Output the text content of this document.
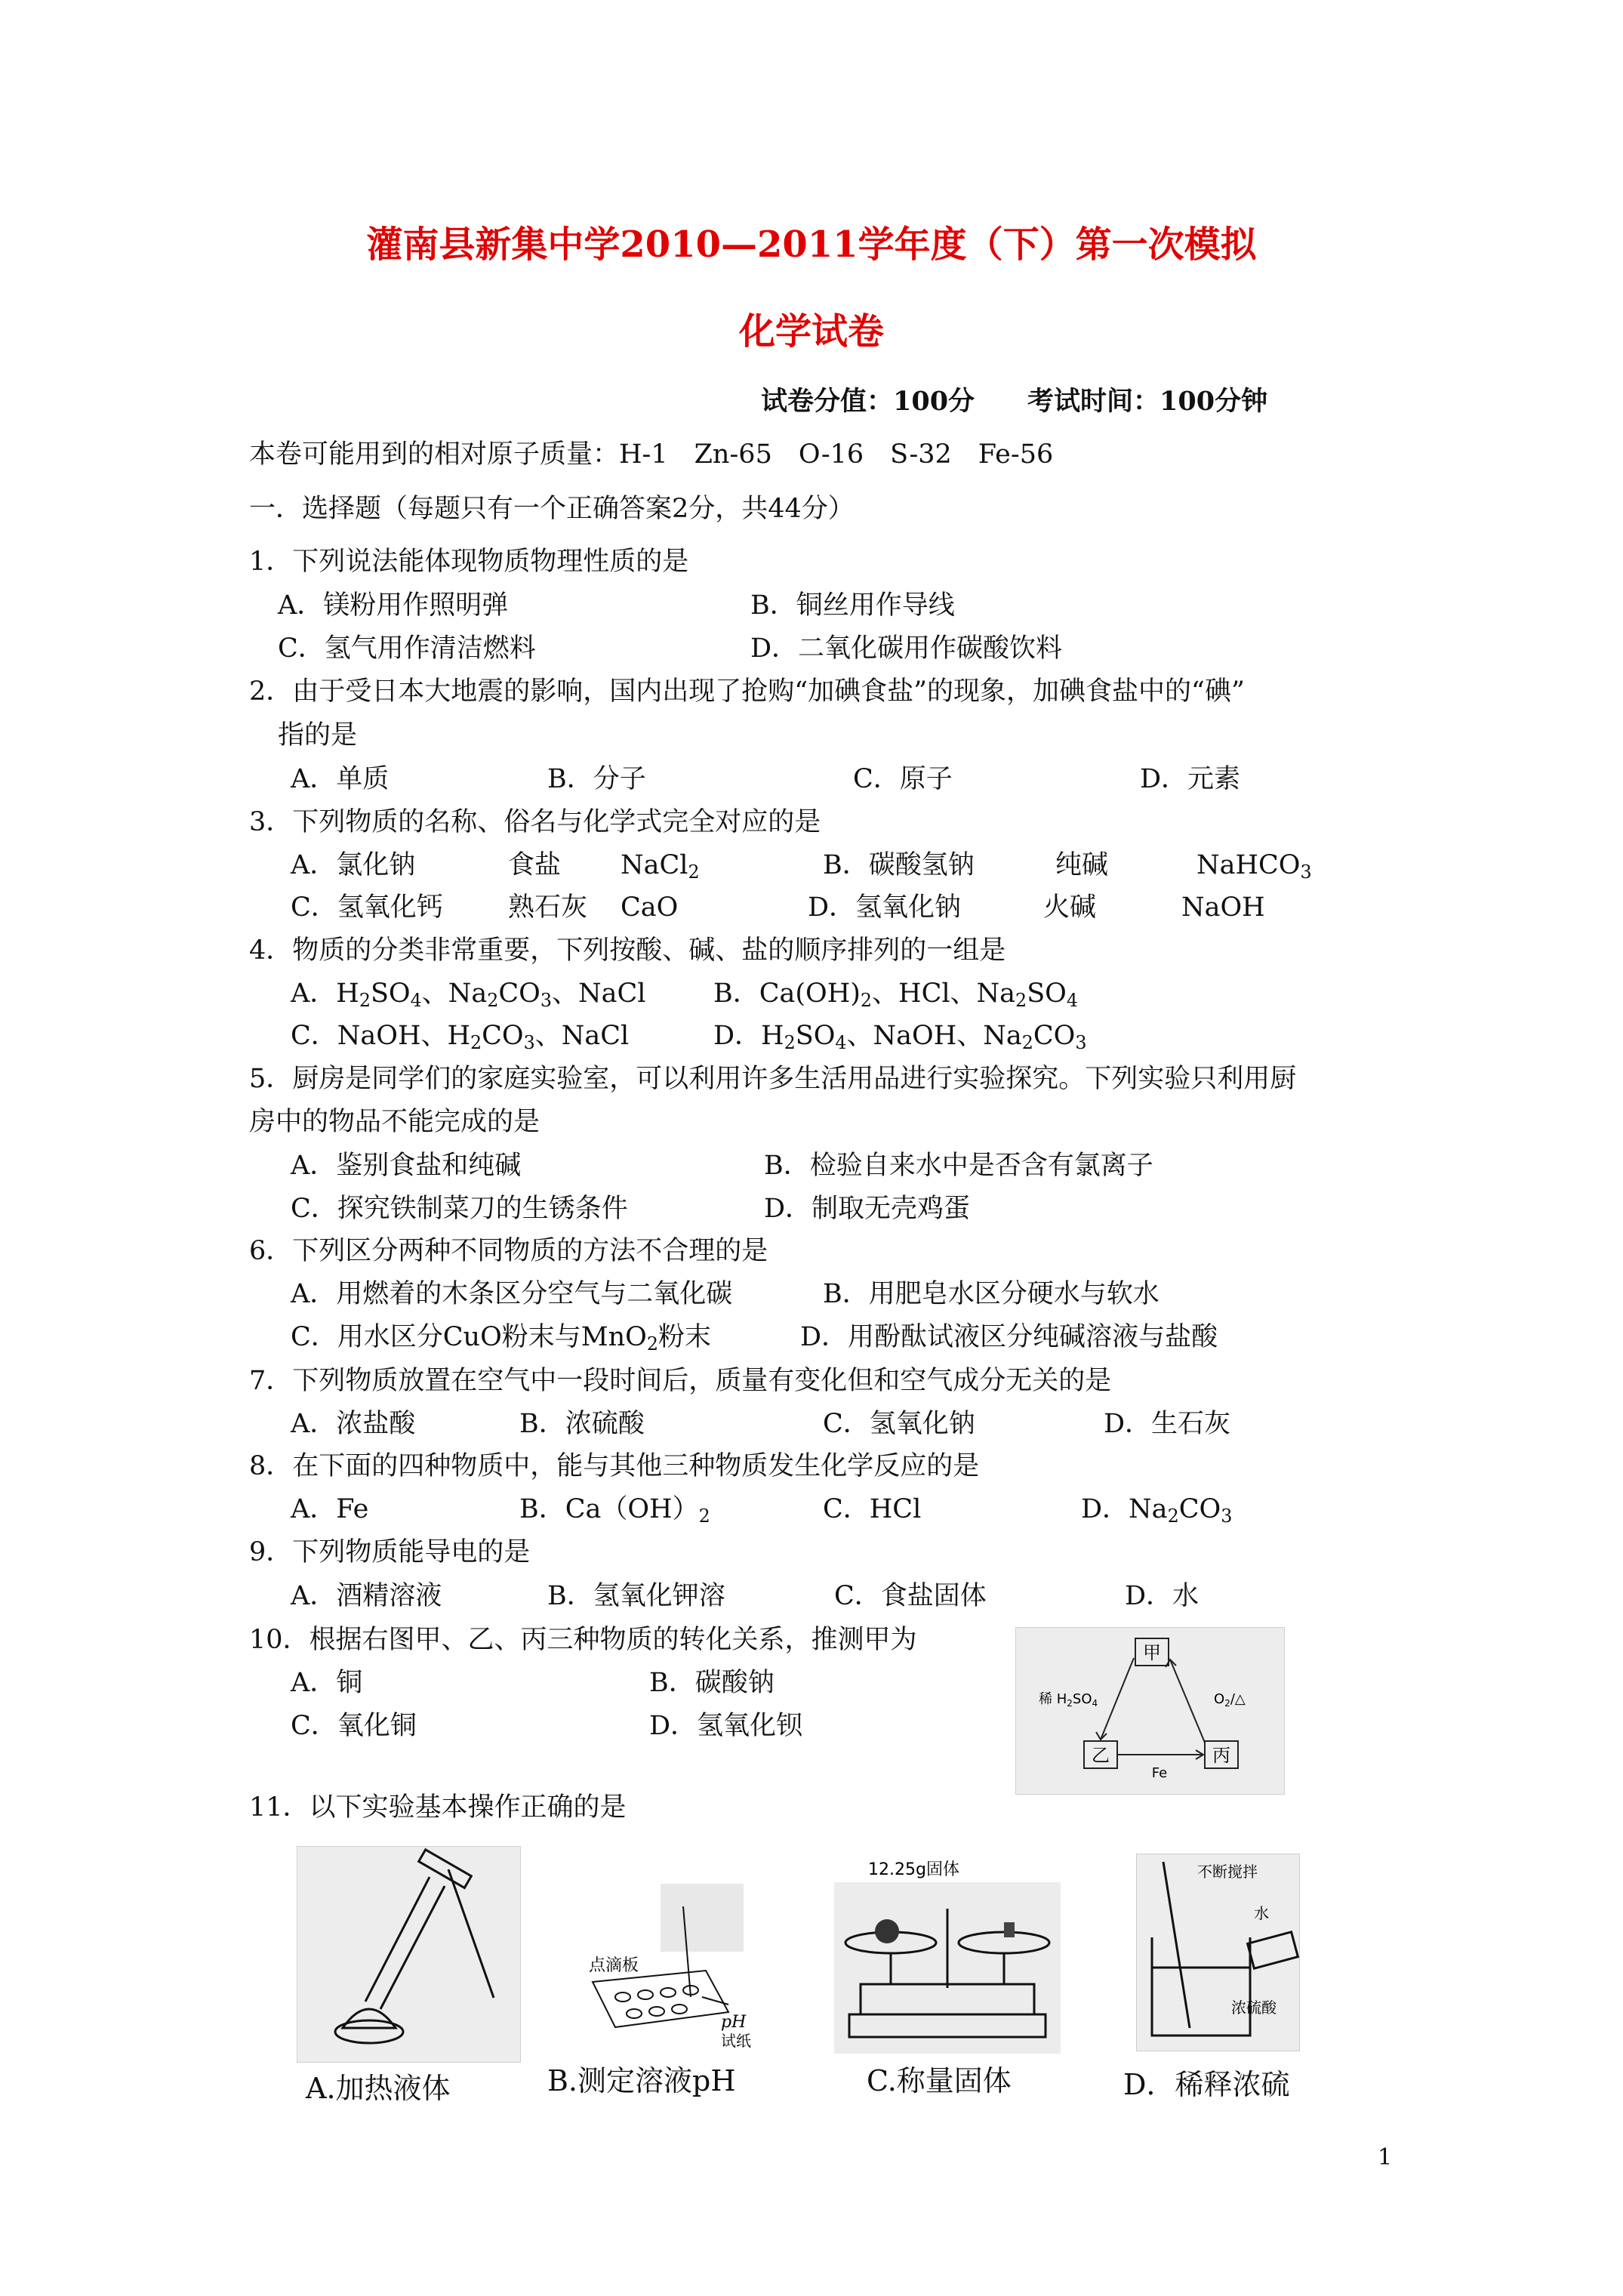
灌南县新集中学2010—2011学年度（下）第一次模拟
化学试卷
试卷分值：100分　　考试时间：100分钟
本卷可能用到的相对原子质量：H-1　Zn-65　O-16　S-32　Fe-56
一．选择题（每题只有一个正确答案2分，共44分）
1．下列说法能体现物质物理性质的是
A．镁粉用作照明弹	B．铜丝用作导线
C．氢气用作清洁燃料	D．二氧化碳用作碳酸饮料
2．由于受日本大地震的影响，国内出现了抢购“加碘食盐”的现象，加碘食盐中的“碘”
指的是
A．单质	B．分子	C．原子	D．元素
3．下列物质的名称、俗名与化学式完全对应的是
A．氯化钠	食盐 NaCl$_2$	B．碳酸氢钠	纯碱	NaHCO$_3$
C．氢氧化钙 熟石灰 CaO	D．氢氧化钠	火碱	NaOH
4．物质的分类非常重要，下列按酸、碱、盐的顺序排列的一组是
A．$H_2SO_4$、$Na_2CO_3$、NaCl	B．$Ca(OH)_2$、HCl、$Na_2SO_4$
C．NaOH、$H_2CO_3$、NaCl	D．$H_2SO_4$、NaOH、$Na_2CO_3$
5．厨房是同学们的家庭实验室，可以利用许多生活用品进行实验探究。下列实验只利用厨
房中的物品不能完成的是
A．鉴别食盐和纯碱	B．检验自来水中是否含有氯离子
C．探究铁制菜刀的生锈条件	D．制取无壳鸡蛋
6．下列区分两种不同物质的方法不合理的是
A．用燃着的木条区分空气与二氧化碳	B．用肥皂水区分硬水与软水
C．用水区分CuO粉末与MnO$_2$粉末	D．用酚酞试液区分纯碱溶液与盐酸
7．下列物质放置在空气中一段时间后，质量有变化但和空气成分无关的是
A．浓盐酸	B．浓硫酸	C．氢氧化钠	D．生石灰
8．在下面的四种物质中，能与其他三种物质发生化学反应的是
A．Fe	B．$Ca(OH)_2$	C．HCl	D．$Na_2CO_3$
9．下列物质能导电的是
A．酒精溶液	B．氢氧化钾溶	C．食盐固体	D．水
10．根据右图甲、乙、丙三种物质的转化关系，推测甲为
A．铜	B．碳酸钠
C．氧化铜	D．氢氧化钡
甲
乙	丙
稀 $H_2SO_4$	$O_2/\triangle$
Fe
11．以下实验基本操作正确的是
A.加热液体
点滴板
pH
试纸
B.测定溶液pH
12.25g固体
C.称量固体
不断搅拌
水
浓硫酸
D．稀释浓硫
1
